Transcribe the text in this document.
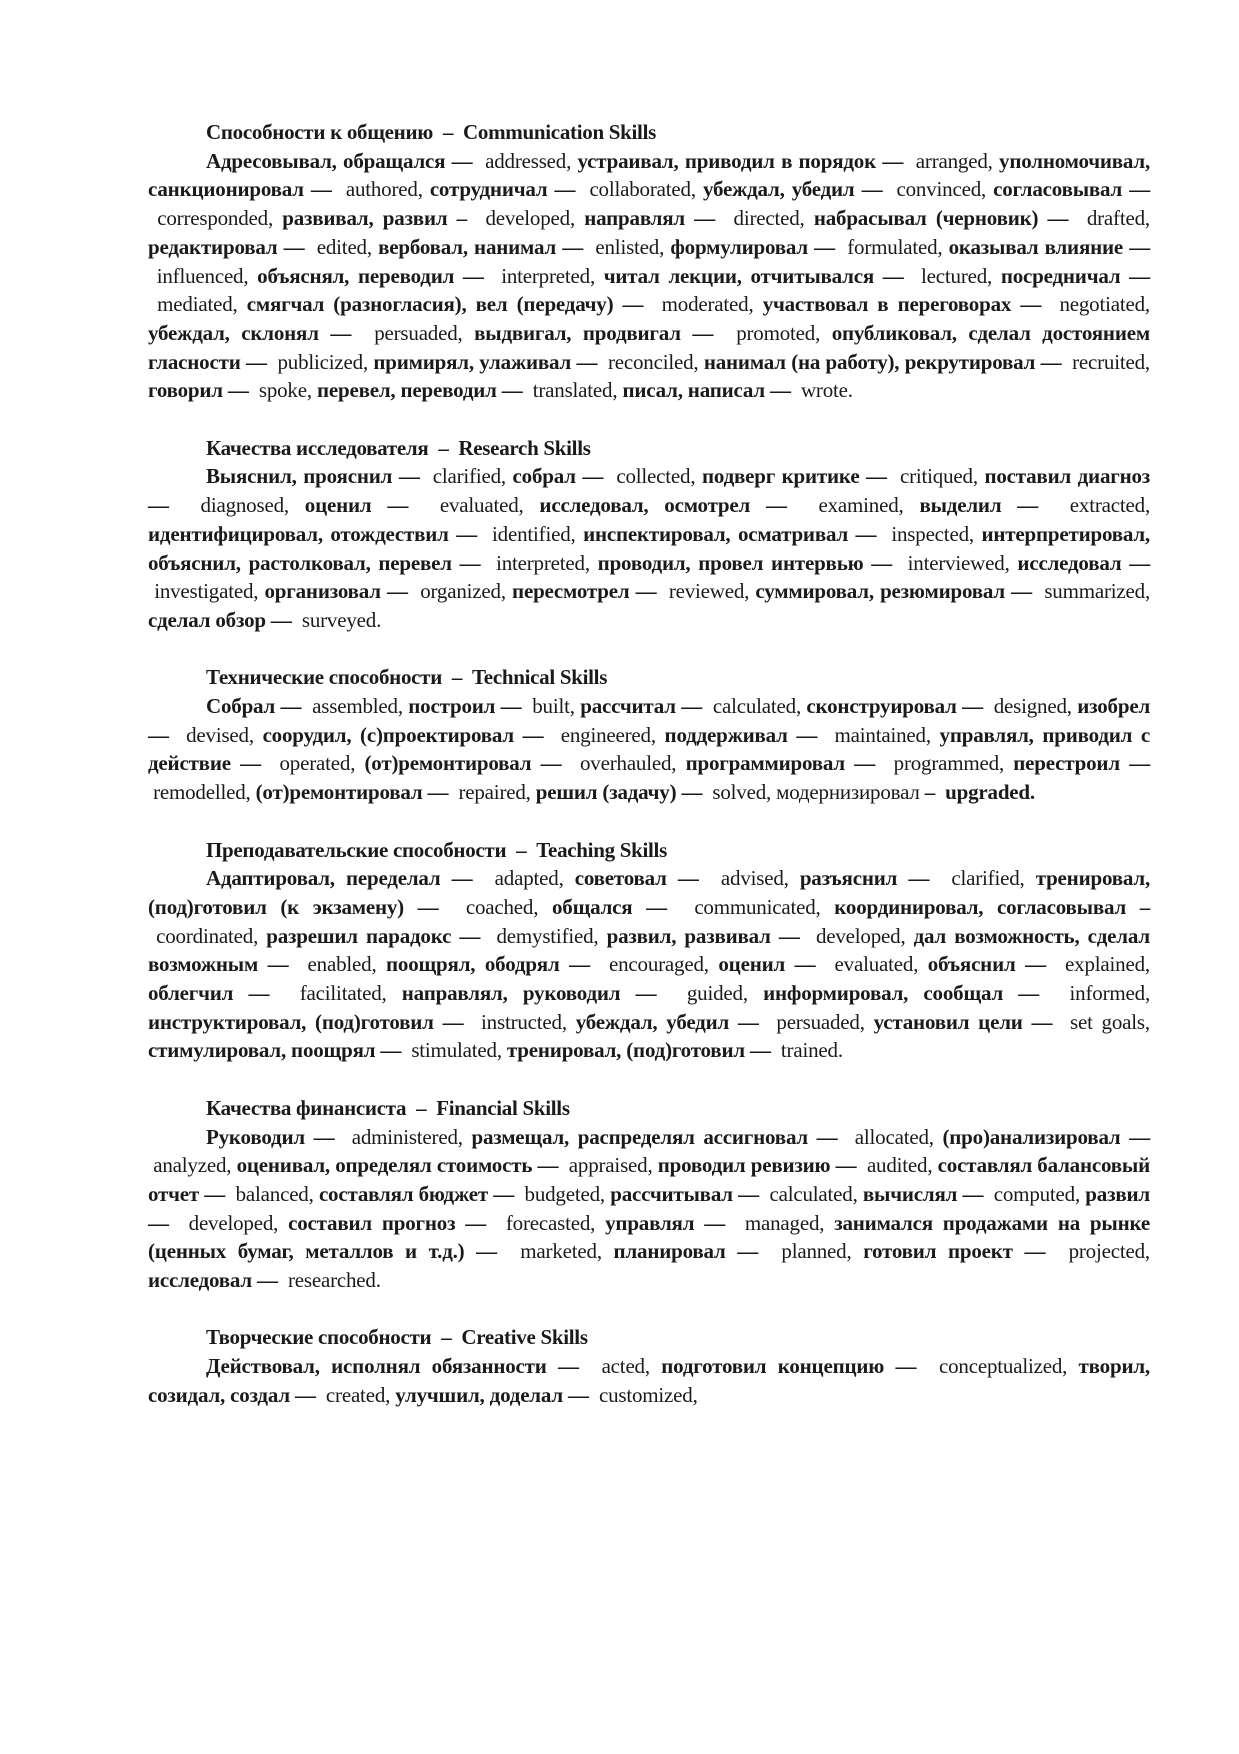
Способности к общению – Communication Skills
Адресовывал, обращался — addressed, устраивал, приводил в порядок — arranged, уполномочивал, санкционировал — authored, сотрудничал — collaborated, убеждал, убедил — convinced, согласовывал —  corresponded, развивал, развил – developed, направлял — directed, набрасывал (черновик) — drafted, редактировал — edited, вербовал, нанимал — enlisted, формулировал — formulated, оказывал влияние —  influenced, объяснял, переводил — interpreted, читал лекции, отчитывался — lectured, посредничал —  mediated, смягчал (разногласия), вел (передачу) — moderated, участвовал в переговорах — negotiated, убеждал, склонял — persuaded, выдвигал, продвигал — promoted, опубликовал, сделал достоянием гласности — publicized, примирял, улаживал — reconciled, нанимал (на работу), рекрутировал — recruited, говорил — spoke, перевел, переводил — translated, писал, написал — wrote.
Качества исследователя – Research Skills
Выяснил, прояснил — clarified, собрал — collected, подверг критике — critiqued, поставил диагноз — diagnosed, оценил — evaluated, исследовал, осмотрел — examined, выделил — extracted, идентифицировал, отождествил — identified, инспектировал, осматривал — inspected, интерпретировал, объяснил, растолковал, перевел — interpreted, проводил, провел интервью — interviewed, исследовал —  investigated, организовал — organized, пересмотрел — reviewed, суммировал, резюмировал — summarized, сделал обзор — surveyed.
Технические способности – Technical Skills
Собрал — assembled, построил — built, рассчитал — calculated, сконструировал — designed, изобрел — devised, соорудил, (с)проектировал — engineered, поддерживал — maintained, управлял, приводил с действие — operated, (от)ремонтировал — overhauled, программировал — programmed, перестроил —  remodelled, (от)ремонтировал — repaired, решил (задачу) — solved, модернизировал – upgraded.
Преподавательские способности – Teaching Skills
Адаптировал, переделал — adapted, советовал — advised, разъяснил — clarified, тренировал, (под)готовил (к экзамену) — coached, общался — communicated, координировал, согласовывал –  coordinated, разрешил парадокс — demystified, развил, развивал — developed, дал возможность, сделал возможным — enabled, поощрял, ободрял — encouraged, оценил — evaluated, объяснил — explained, облегчил — facilitated, направлял, руководил — guided, информировал, сообщал — informed, инструктировал, (под)готовил — instructed, убеждал, убедил — persuaded, установил цели — set goals, стимулировал, поощрял — stimulated, тренировал, (под)готовил — trained.
Качества финансиста – Financial Skills
Руководил — administered, размещал, распределял ассигновал — allocated, (про)анализировал —  analyzed, оценивал, определял стоимость — appraised, проводил ревизию — audited, составлял балансовый отчет — balanced, составлял бюджет — budgeted, рассчитывал — calculated, вычислял — computed, развил — developed, составил прогноз — forecasted, управлял — managed, занимался продажами на рынке (ценных бумаг, металлов и т.д.) — marketed, планировал — planned, готовил проект — projected, исследовал — researched.
Творческие способности – Creative Skills
Действовал, исполнял обязанности — acted, подготовил концепцию — conceptualized, творил, созидал, создал — created, улучшил, доделал — customized,
